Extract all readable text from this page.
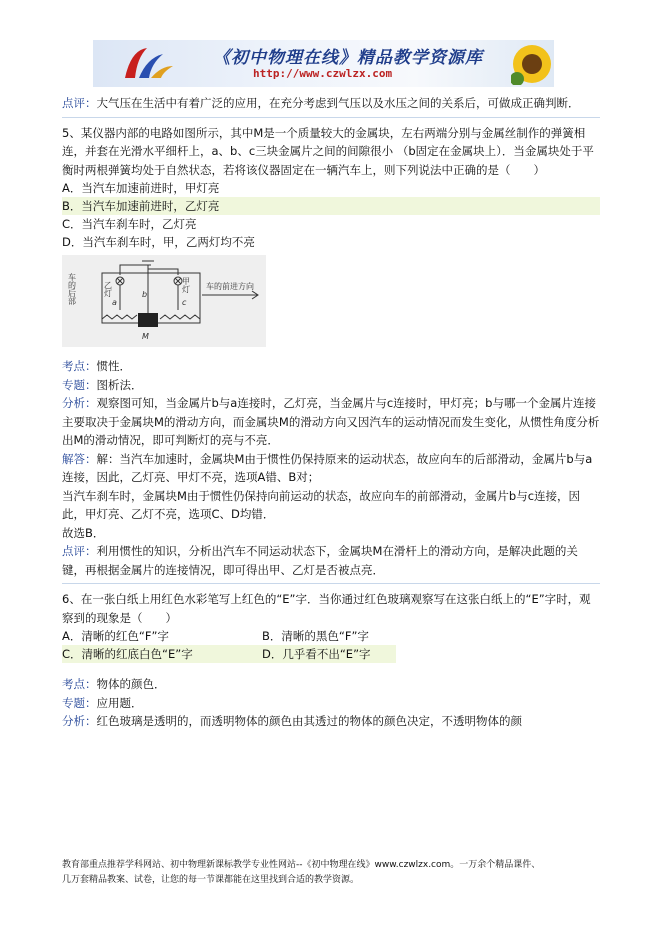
《初中物理在线》精品教学资源库
http://www.czwlzx.com

点评：大气压在生活中有着广泛的应用，在充分考虑到气压以及水压之间的关系后，可做成正确判断．

5、某仪器内部的电路如图所示，其中M是一个质量较大的金属块，左右两端分别与金属丝制作的弹簧相连，并套在光滑水平细杆上，a、b、c三块金属片之间的间隙很小 （b固定在金属块上）．当金属块处于平衡时两根弹簧均处于自然状态，若将该仪器固定在一辆汽车上，则下列说法中正确的是（　　）

A．当汽车加速前进时，甲灯亮
B．当汽车加速前进时，乙灯亮
C．当汽车刹车时，乙灯亮
D．当汽车刹车时，甲，乙两灯均不亮
车的后部	乙灯	甲灯
a
b
c
M
车的前进方向

考点：惯性．

专题：图析法．

分析：观察图可知，当金属片b与a连接时，乙灯亮，当金属片与c连接时，甲灯亮；b与哪一个金属片连接主要取决于金属块M的滑动方向，而金属块M的滑动方向又因汽车的运动情况而发生变化，从惯性角度分析出M的滑动情况，即可判断灯的亮与不亮．

解答：解：当汽车加速时，金属块M由于惯性仍保持原来的运动状态，故应向车的后部滑动，金属片b与a连接，因此，乙灯亮、甲灯不亮，选项A错、B对；

当汽车刹车时，金属块M由于惯性仍保持向前运动的状态，故应向车的前部滑动，金属片b与c连接，因此，甲灯亮、乙灯不亮，选项C、D均错．

故选B．

点评：利用惯性的知识，分析出汽车不同运动状态下，金属块M在滑杆上的滑动方向，是解决此题的关键，再根据金属片的连接情况，即可得出甲、乙灯是否被点亮．

6、在一张白纸上用红色水彩笔写上红色的“E”字．当你通过红色玻璃观察写在这张白纸上的“E”字时，观察到的现象是（　　）

A．清晰的红色“F”字	B．清晰的黑色“F”字
C．清晰的红底白色“E”字	D．几乎看不出“E”字

考点：物体的颜色．

专题：应用题．

分析：红色玻璃是透明的，而透明物体的颜色由其透过的物体的颜色决定，不透明物体的颜

教育部重点推荐学科网站、初中物理新课标教学专业性网站--《初中物理在线》www.czwlzx.com。一万余个精品课件、
几万套精品教案、试卷，让您的每一节课都能在这里找到合适的教学资源。
